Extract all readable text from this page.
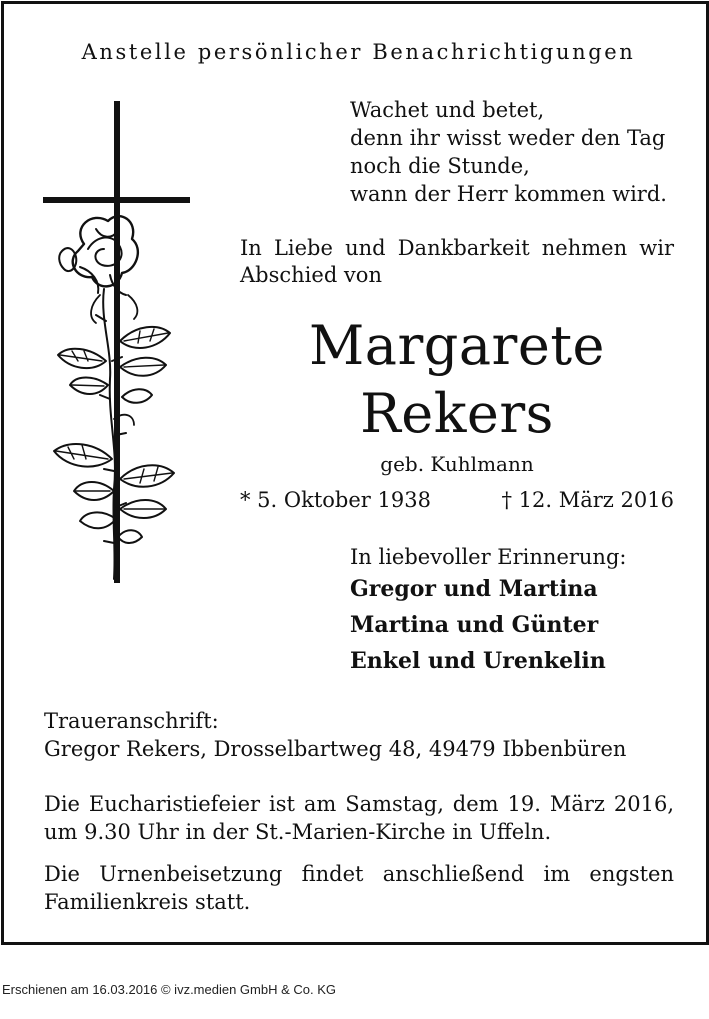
Anstelle persönlicher Benachrichtigungen
Wachet und betet,
denn ihr wisst weder den Tag
noch die Stunde,
wann der Herr kommen wird.
In Liebe und Dankbarkeit nehmen wir Abschied von
Margarete
Rekers
geb. Kuhlmann
* 5. Oktober 1938	† 12. März 2016
In liebevoller Erinnerung:
Gregor und Martina
Martina und Günter
Enkel und Urenkelin
Traueranschrift:
Gregor Rekers, Drosselbartweg 48, 49479 Ibbenbüren
Die Eucharistiefeier ist am Samstag, dem 19. März 2016, um 9.30 Uhr in der St.-Marien-Kirche in Uffeln.
Die Urnenbeisetzung findet anschließend im engsten Familienkreis statt.
Erschienen am 16.03.2016 © ivz.medien GmbH & Co. KG
